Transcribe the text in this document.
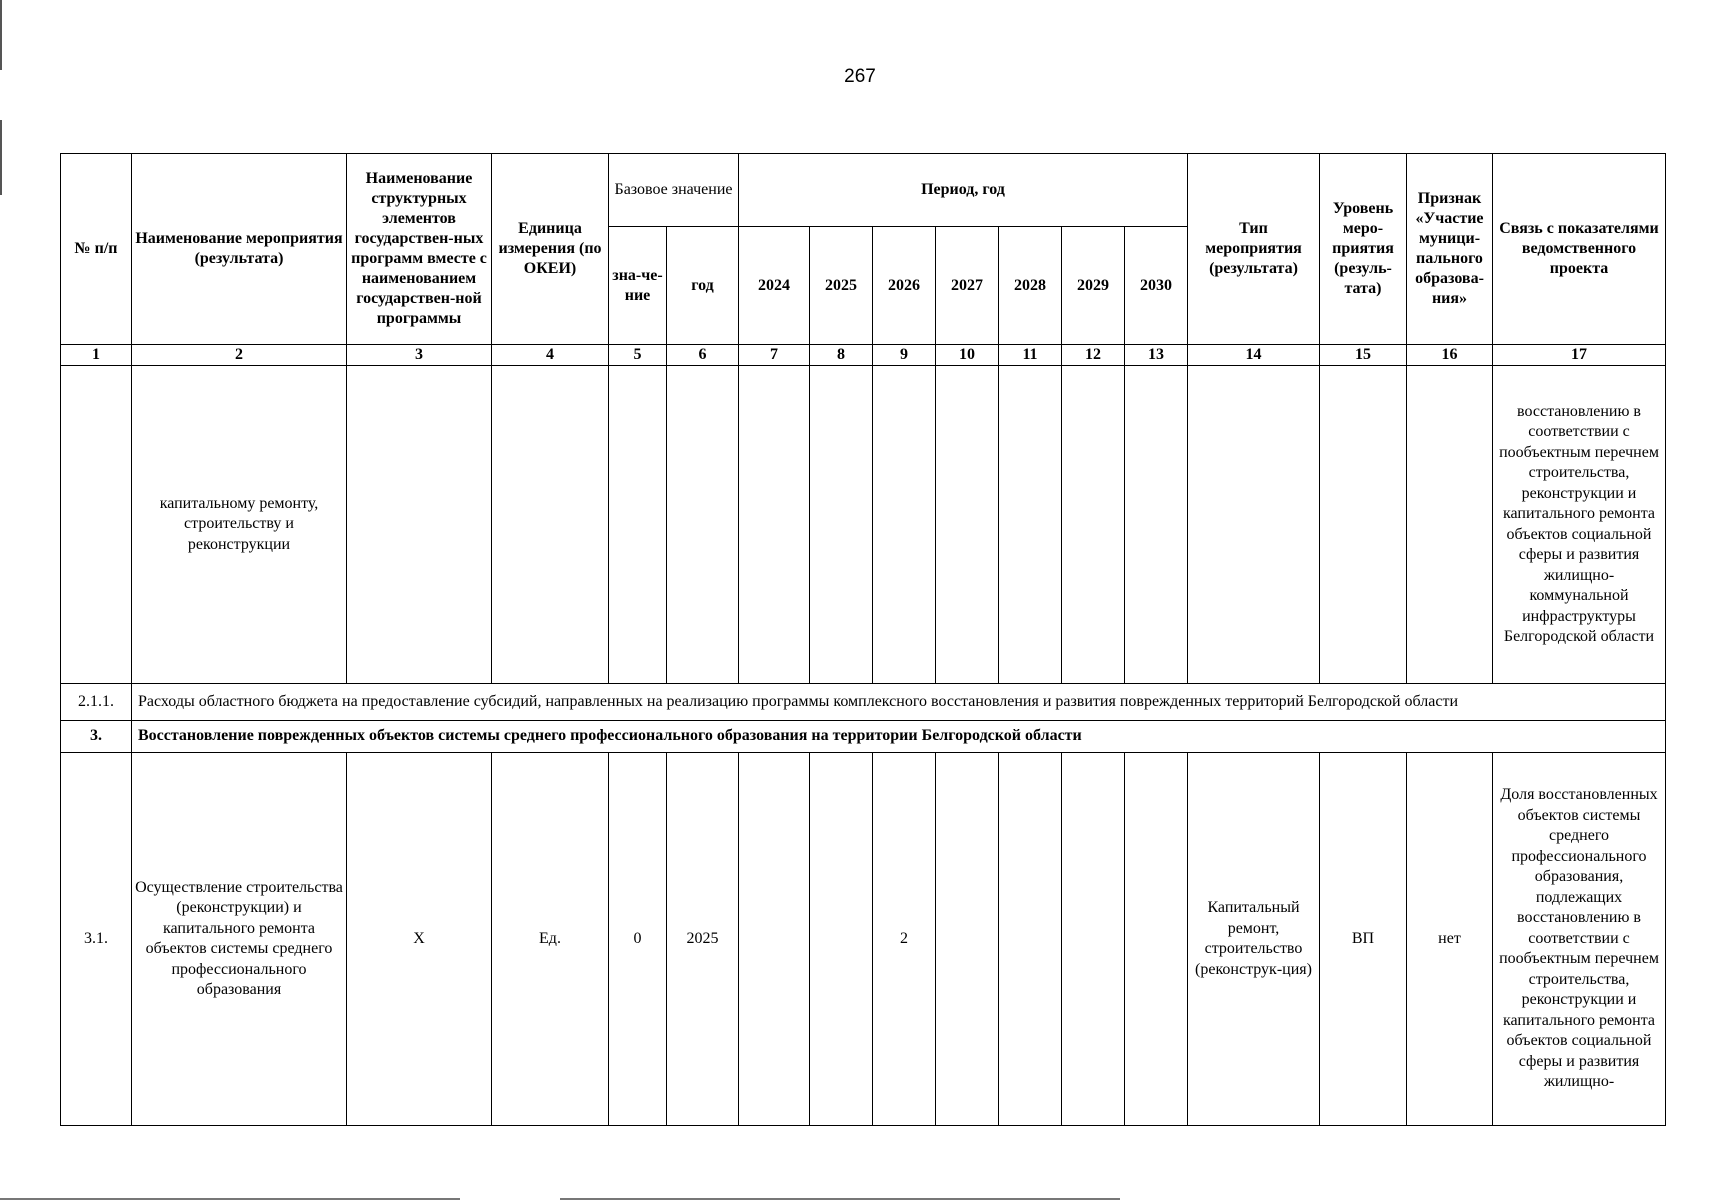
267
№ п/п	Наименование мероприятия (результата)	Наименование структурных элементов государствен-ных программ вместе с наименованием государствен-ной программы	Единица измерения (по ОКЕИ)	Базовое значение		Период, год							Тип мероприятия (результата)	Уровень меро-приятия (резуль-тата)	Признак «Участие муници-пального образова-ния»	Связь с показателями ведомственного проекта
				зна-че-ние	год	2024	2025	2026	2027	2028	2029	2030				
1	2	3	4	5	6	7	8	9	10	11	12	13	14	15	16	17
	капитальному ремонту, строительству и реконструкции															восстановлению в соответствии с пообъектным перечнем строительства, реконструкции и капитального ремонта объектов социальной сферы и развития жилищно-коммунальной инфраструктуры Белгородской области
2.1.1.	Расходы областного бюджета на предоставление субсидий, направленных на реализацию программы комплексного восстановления и развития поврежденных территорий Белгородской области															
3.	Восстановление поврежденных объектов системы среднего профессионального образования на территории Белгородской области															
3.1.	Осуществление строительства (реконструкции) и капитального ремонта объектов системы среднего профессионального образования	Х	Ед.	0	2025			2					Капитальный ремонт, строительство (реконструк-ция)	ВП	нет	Доля восстановленных объектов системы среднего профессионального образования, подлежащих восстановлению в соответствии с пообъектным перечнем строительства, реконструкции и капитального ремонта объектов социальной сферы и развития жилищно-
